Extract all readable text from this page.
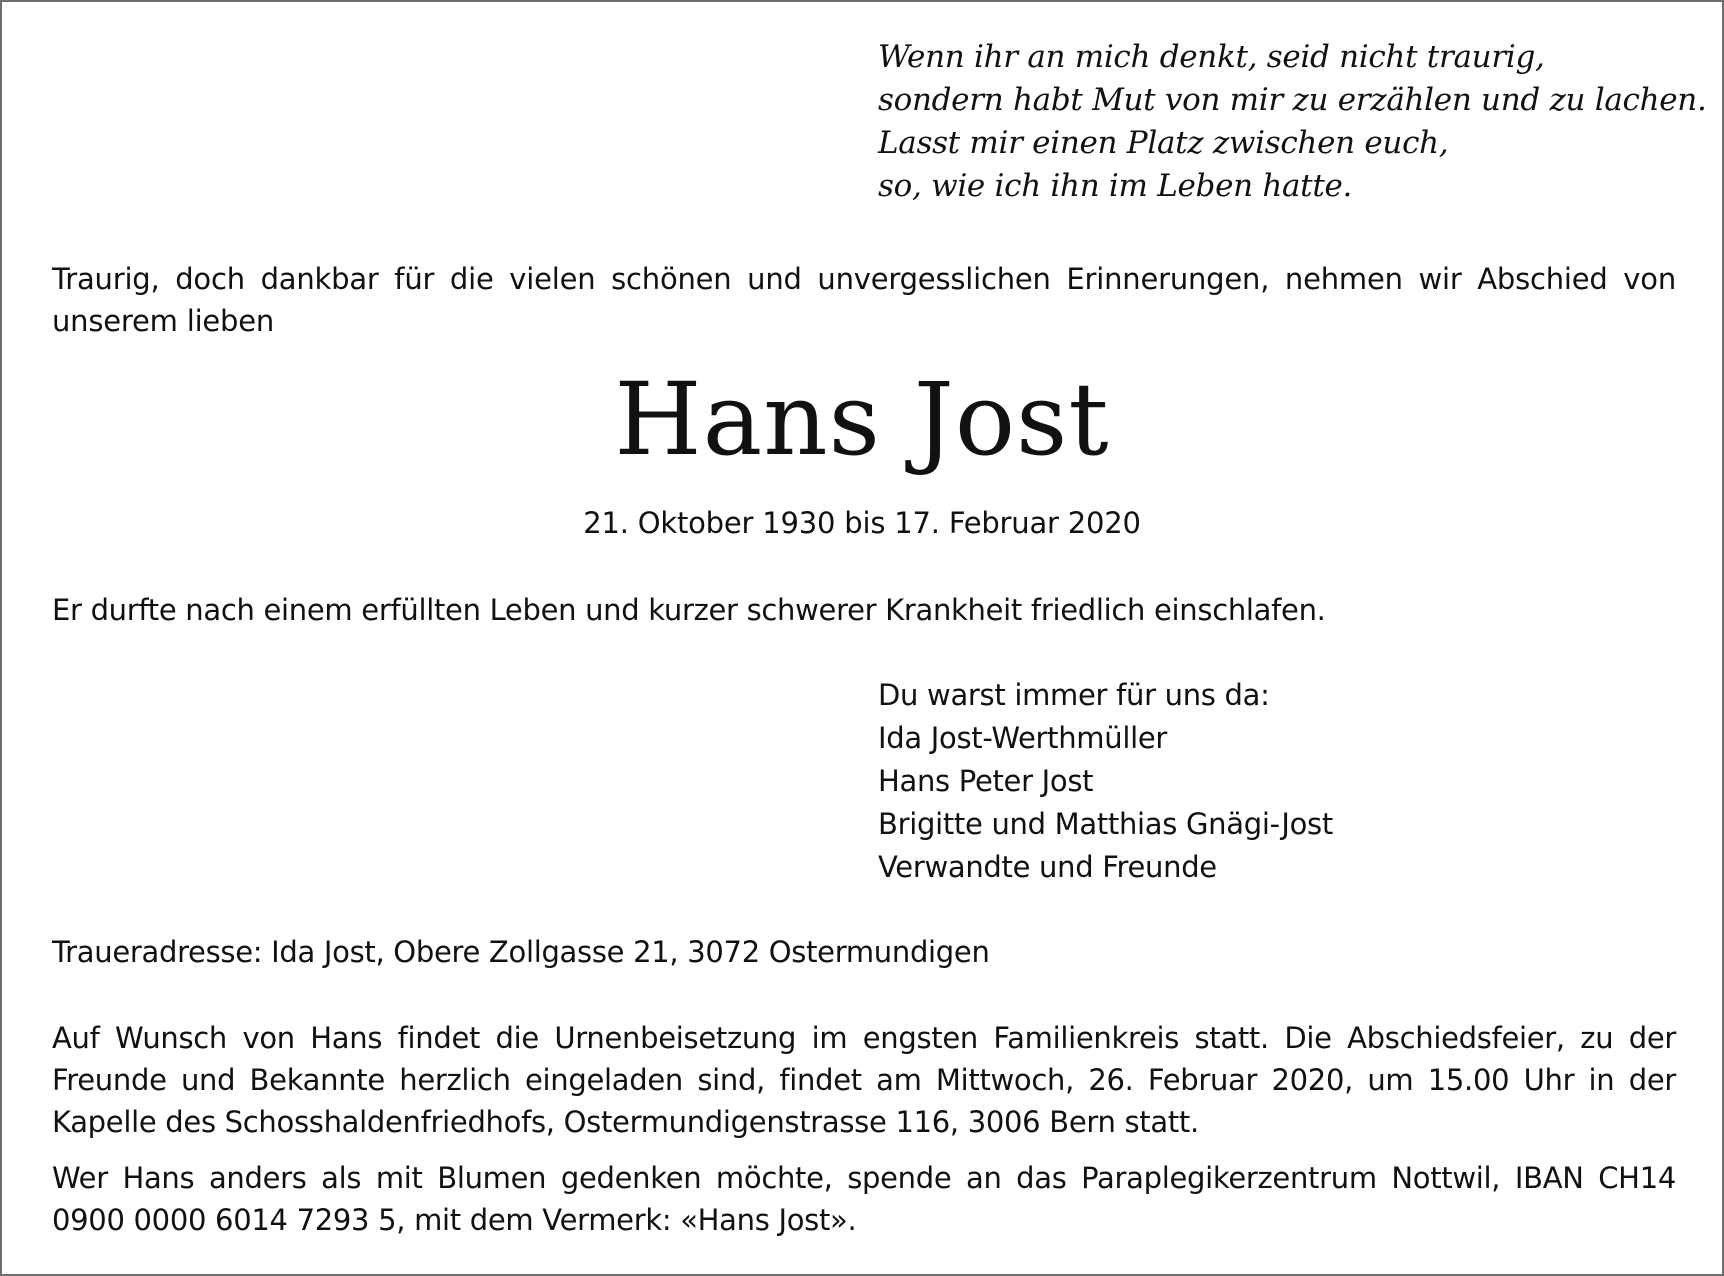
Wenn ihr an mich denkt, seid nicht traurig,
sondern habt Mut von mir zu erzählen und zu lachen.
Lasst mir einen Platz zwischen euch,
so, wie ich ihn im Leben hatte.
Traurig, doch dankbar für die vielen schönen und unvergesslichen Erinnerungen, nehmen wir Abschied von unserem lieben
Hans Jost
21. Oktober 1930 bis 17. Februar 2020
Er durfte nach einem erfüllten Leben und kurzer schwerer Krankheit friedlich einschlafen.
Du warst immer für uns da:
Ida Jost-Werthmüller
Hans Peter Jost
Brigitte und Matthias Gnägi-Jost
Verwandte und Freunde
Traueradresse: Ida Jost, Obere Zollgasse 21, 3072 Ostermundigen
Auf Wunsch von Hans findet die Urnenbeisetzung im engsten Familienkreis statt. Die Abschiedsfeier, zu der Freunde und Bekannte herzlich eingeladen sind, findet am Mittwoch, 26. Februar 2020, um 15.00 Uhr in der Kapelle des Schosshaldenfriedhofs, Ostermundigenstrasse 116, 3006 Bern statt.
Wer Hans anders als mit Blumen gedenken möchte, spende an das Paraplegikerzentrum Nottwil, IBAN CH14 0900 0000 6014 7293 5, mit dem Vermerk: «Hans Jost».
